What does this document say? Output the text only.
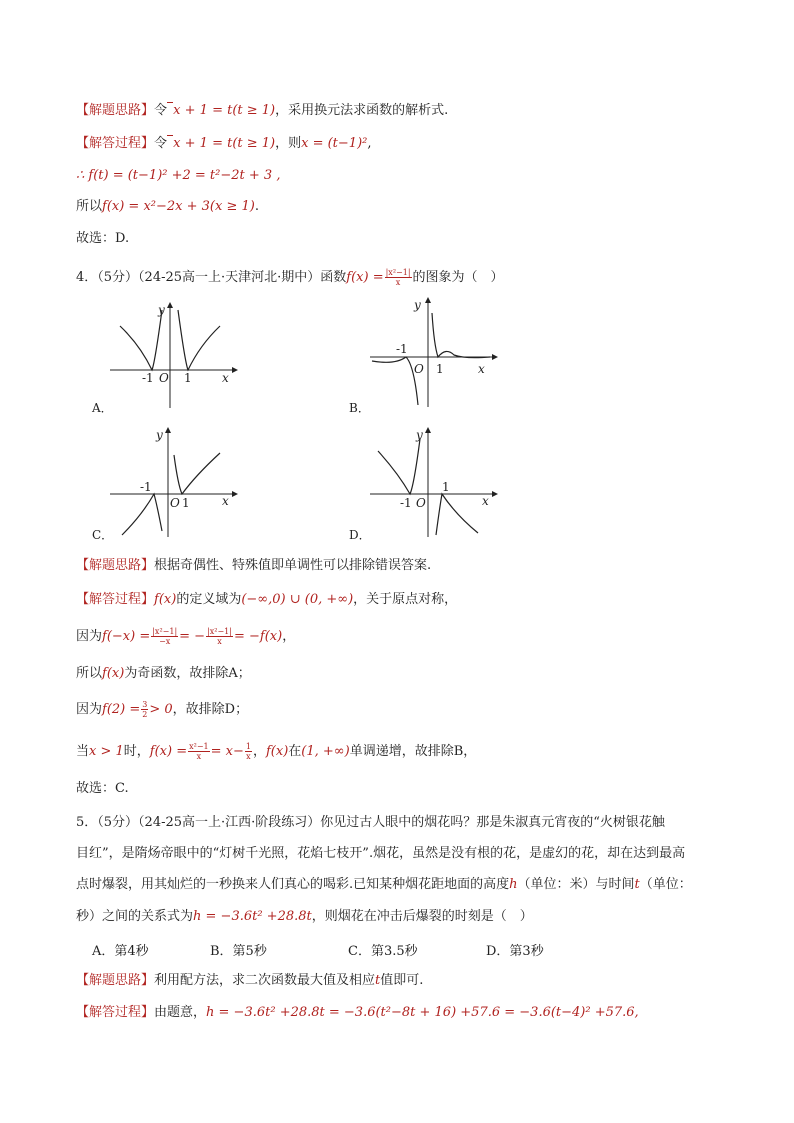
【解题思路】令 x + 1 = t(t ≥ 1)，采用换元法求函数的解析式.
【解答过程】令 x + 1 = t(t ≥ 1)，则x = (t−1)²,
∴ f(t) = (t−1)² +2 = t²−2t + 3 ,
所以f(x) = x²−2x + 3(x ≥ 1).
故选：D.
4．（5分）（24-25高一上·天津河北·期中）函数$f(x) = \frac{\text{|x²−1|}}{x}$ 的图象为（　）
y
x
O
-1	1
A．
y
x
O
-1
1
B．
y
x
O
-1
1
C．
y
x
O
-1
1
D．
【解题思路】根据奇偶性、特殊值即单调性可以排除错误答案.
【解答过程】f(x)的定义域为(−∞,0) ∪ (0, +∞)，关于原点对称，
因为$f(-x) = \frac{\text{|x²−1|}}{-x}$ = − $\frac{\text{|x²−1|}}{x} = -f(x)$，
所以f(x)为奇函数，故排除A；
因为$f(2) = \frac{3}{2} > 0$，故排除D；
当x > 1时，$f(x) = \frac{\text{x²−1}}{x} = x- \frac{1}{x}$ ，f(x)在(1, +∞)单调递增，故排除B，
故选：C.
5．（5分）（24-25高一上·江西·阶段练习）你见过古人眼中的烟花吗？那是朱淑真元宵夜的“火树银花触
目红”，是隋炀帝眼中的“灯树千光照，花焰七枝开”.烟花，虽然是没有根的花，是虚幻的花，却在达到最高
点时爆裂，用其灿烂的一秒换来人们真心的喝彩.已知某种烟花距地面的高度h（单位：米）与时间t（单位：
秒）之间的关系式为h = −3.6t² +28.8t，则烟花在冲击后爆裂的时刻是（　）
A．第4秒	B．第5秒	C．第3.5秒	D．第3秒
【解题思路】利用配方法，求二次函数最大值及相应t值即可.
【解答过程】由题意，h = −3.6t² +28.8t = −3.6(t²−8t + 16) +57.6 = −3.6(t−4)² +57.6,
